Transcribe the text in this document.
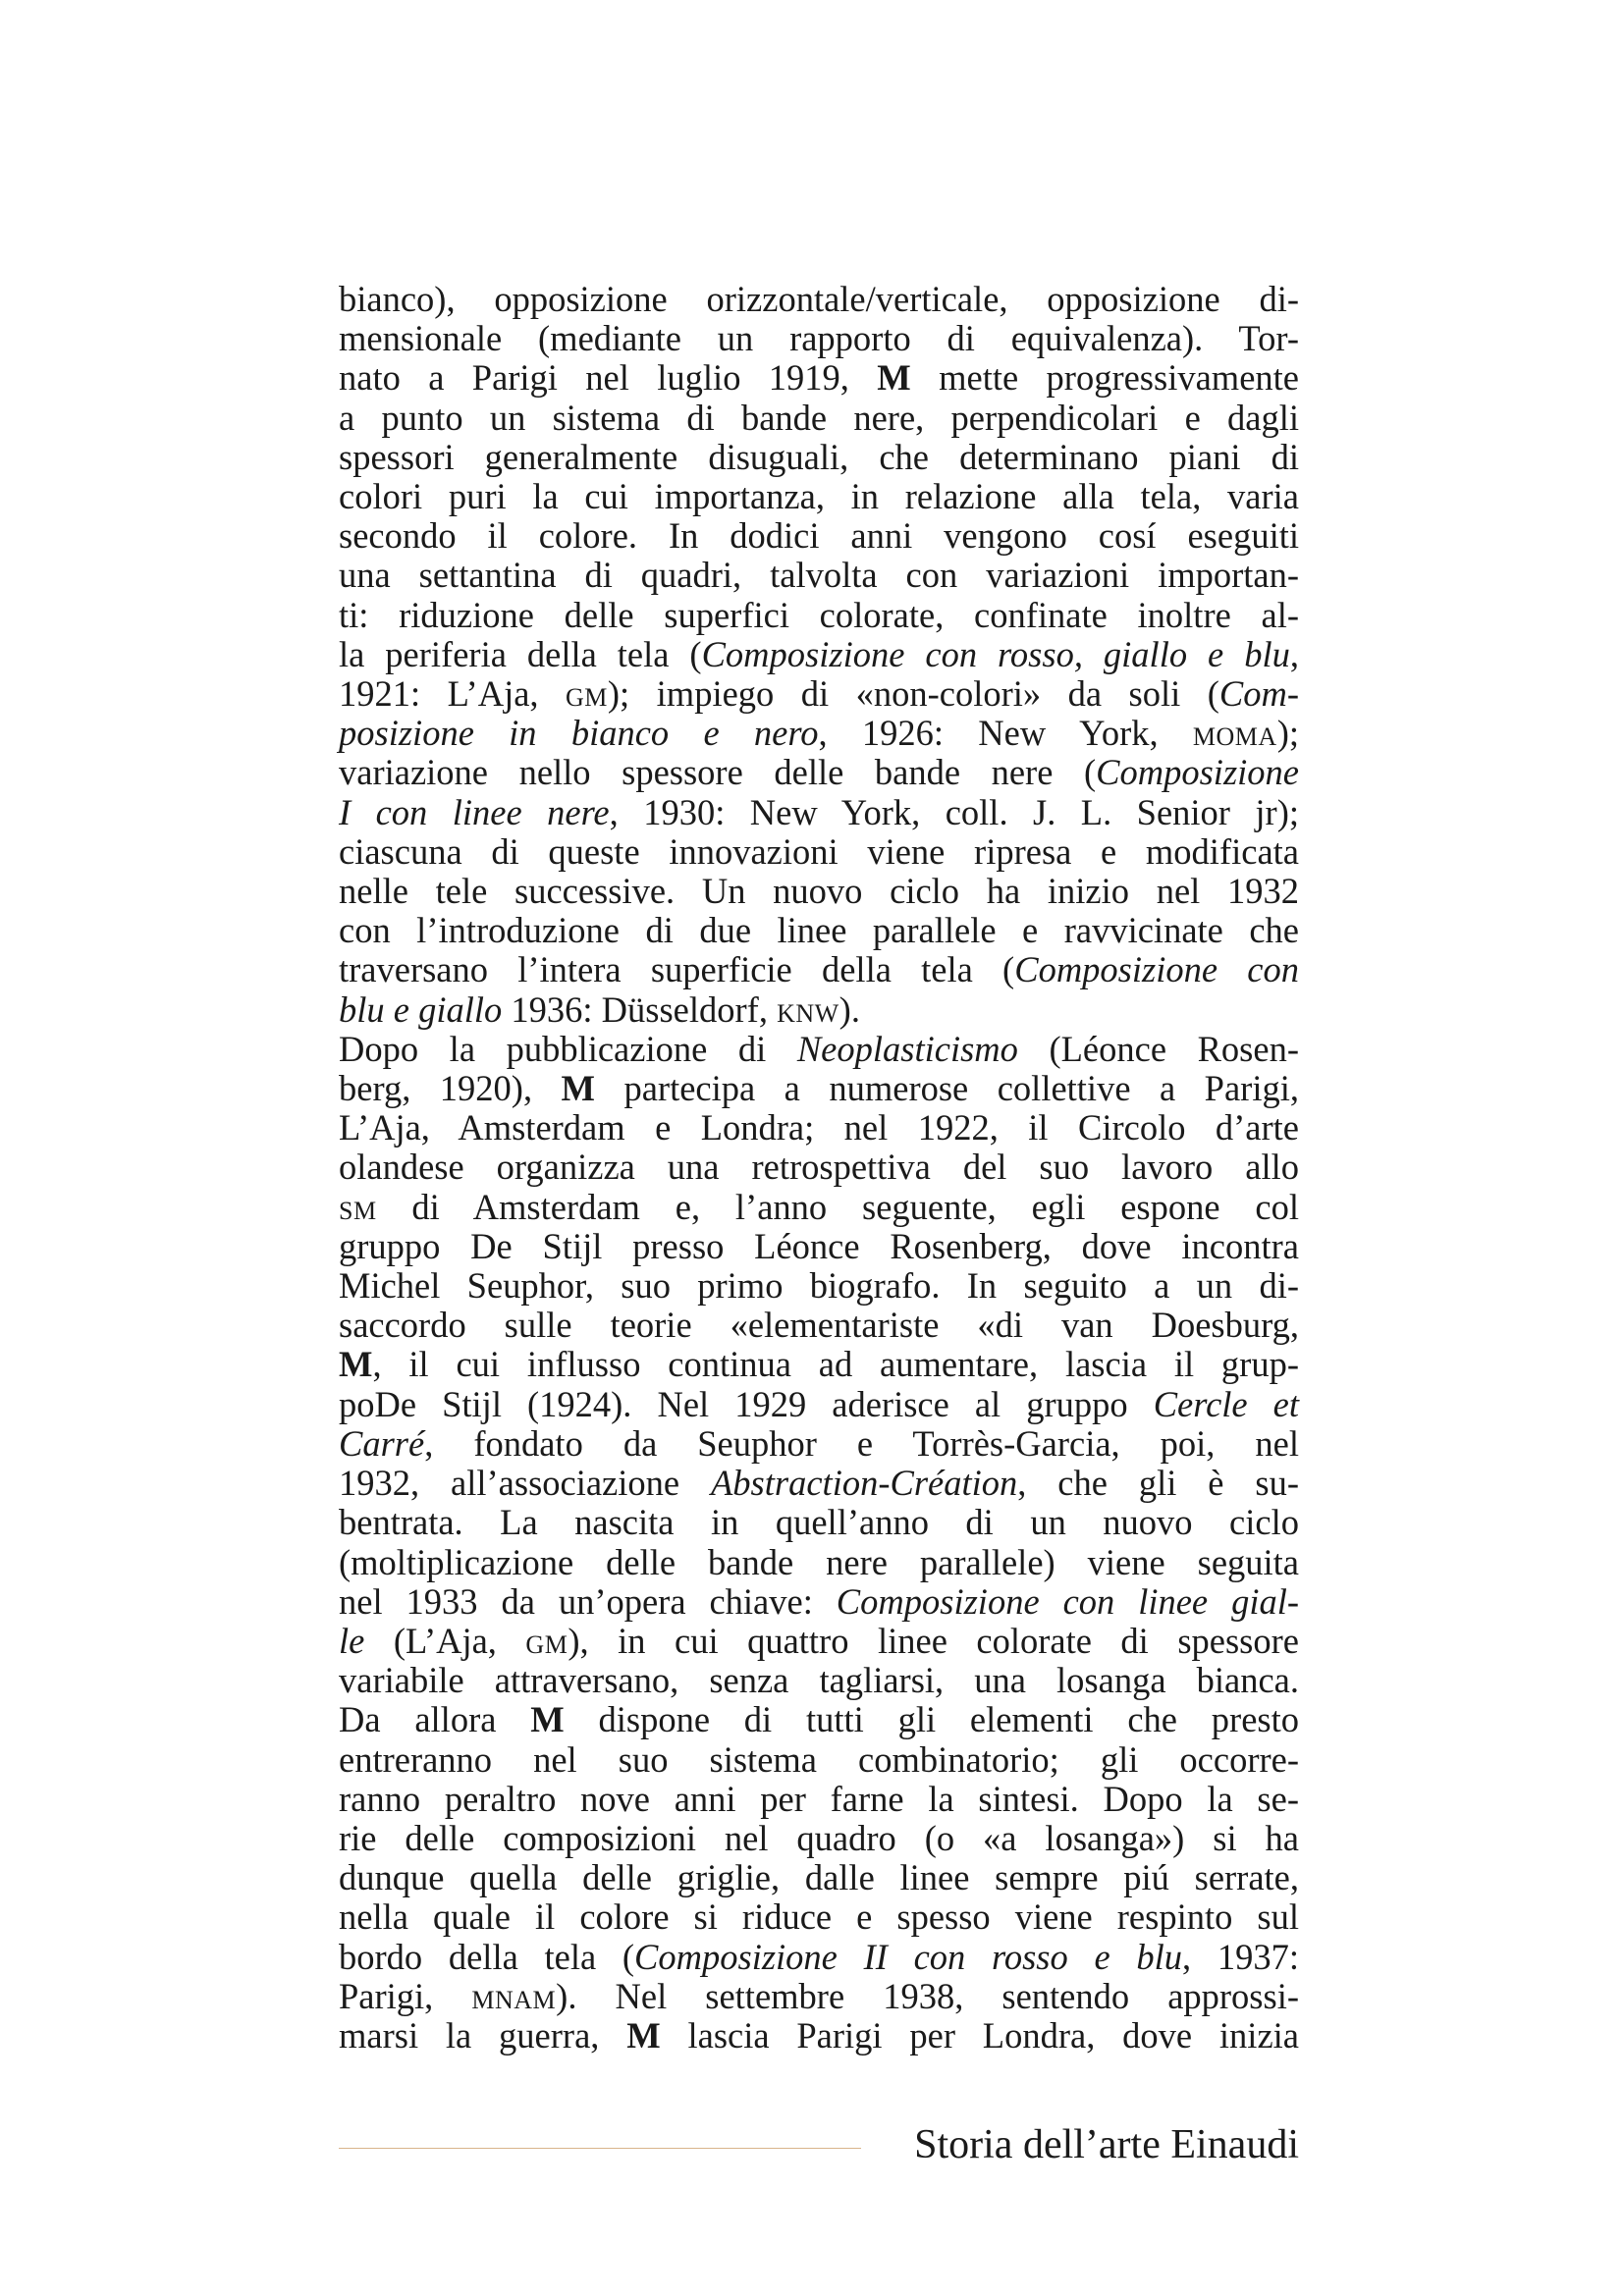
bianco), opposizione orizzontale/verticale, opposizione di-
mensionale (mediante un rapporto di equivalenza). Tor-
nato a Parigi nel luglio 1919, M mette progressivamente
a punto un sistema di bande nere, perpendicolari e dagli
spessori generalmente disuguali, che determinano piani di
colori puri la cui importanza, in relazione alla tela, varia
secondo il colore. In dodici anni vengono cosí eseguiti
una settantina di quadri, talvolta con variazioni importan-
ti: riduzione delle superfici colorate, confinate inoltre al-
la periferia della tela (Composizione con rosso, giallo e blu,
1921: L’Aja, gm); impiego di «non-colori» da soli (Com-
posizione in bianco e nero, 1926: New York, moma);
variazione nello spessore delle bande nere (Composizione
I con linee nere, 1930: New York, coll. J. L. Senior jr);
ciascuna di queste innovazioni viene ripresa e modificata
nelle tele successive. Un nuovo ciclo ha inizio nel 1932
con l’introduzione di due linee parallele e ravvicinate che
traversano l’intera superficie della tela (Composizione con
blu e giallo 1936: Düsseldorf, knw).

Dopo la pubblicazione di Neoplasticismo (Léonce Rosen-
berg, 1920), M partecipa a numerose collettive a Parigi,
L’Aja, Amsterdam e Londra; nel 1922, il Circolo d’arte
olandese organizza una retrospettiva del suo lavoro allo
sm di Amsterdam e, l’anno seguente, egli espone col
gruppo De Stijl presso Léonce Rosenberg, dove incontra
Michel Seuphor, suo primo biografo. In seguito a un di-
saccordo sulle teorie «elementariste «di van Doesburg,
M, il cui influsso continua ad aumentare, lascia il grup-
poDe Stijl (1924). Nel 1929 aderisce al gruppo Cercle et
Carré, fondato da Seuphor e Torrès-Garcia, poi, nel
1932, all’associazione Abstraction-Création, che gli è su-
bentrata. La nascita in quell’anno di un nuovo ciclo
(moltiplicazione delle bande nere parallele) viene seguita
nel 1933 da un’opera chiave: Composizione con linee gial-
le (L’Aja, gm), in cui quattro linee colorate di spessore
variabile attraversano, senza tagliarsi, una losanga bianca.
Da allora M dispone di tutti gli elementi che presto
entreranno nel suo sistema combinatorio; gli occorre-
ranno peraltro nove anni per farne la sintesi. Dopo la se-
rie delle composizioni nel quadro (o «a losanga») si ha
dunque quella delle griglie, dalle linee sempre piú serrate,
nella quale il colore si riduce e spesso viene respinto sul
bordo della tela (Composizione II con rosso e blu, 1937:
Parigi, mnam). Nel settembre 1938, sentendo approssi-
marsi la guerra, M lascia Parigi per Londra, dove inizia

Storia dell’arte Einaudi
